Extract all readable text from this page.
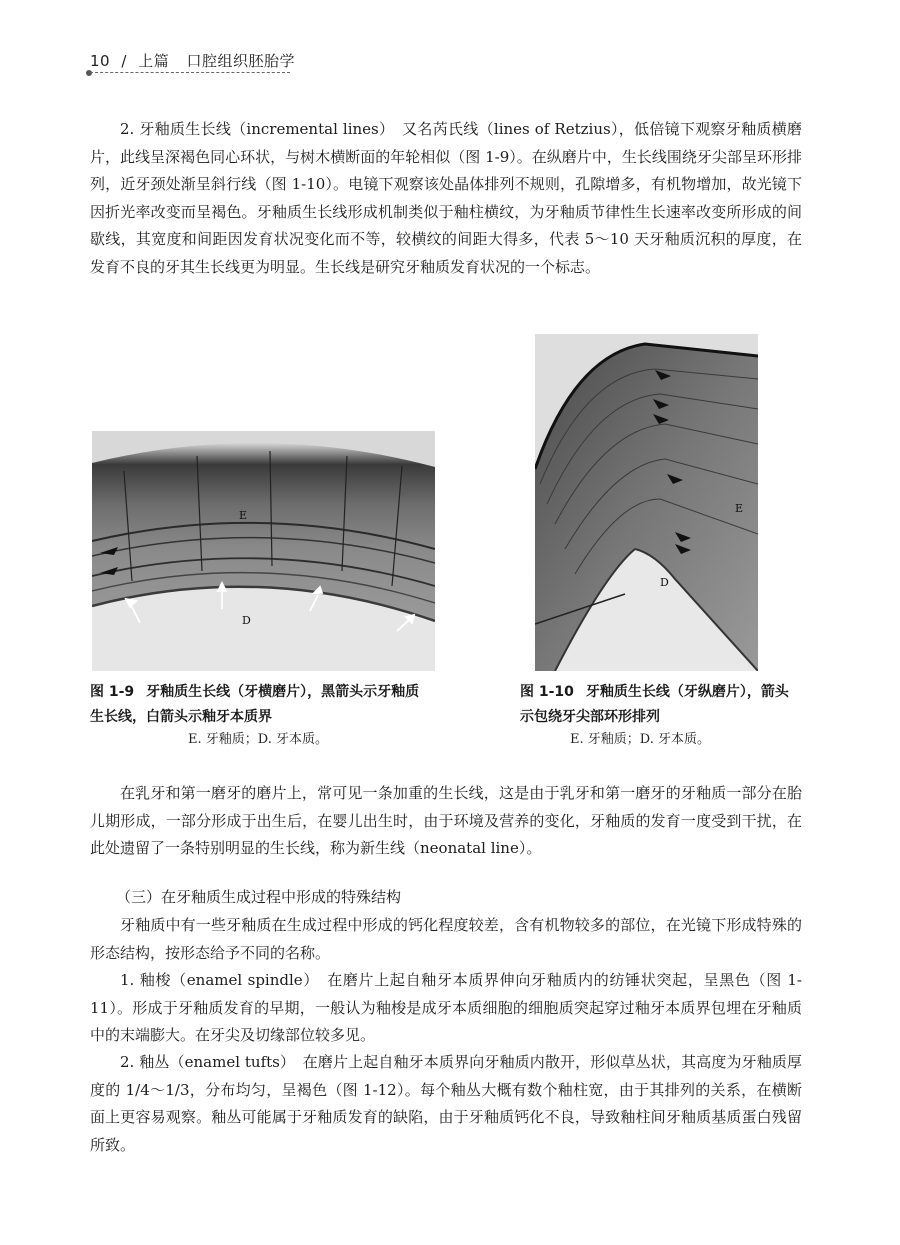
10 / 上篇 口腔组织胚胎学

2. 牙釉质生长线（incremental lines）　又名芮氏线（lines of Retzius），低倍镜下观察牙釉质横磨片，此线呈深褐色同心环状，与树木横断面的年轮相似（图 1-9）。在纵磨片中，生长线围绕牙尖部呈环形排列，近牙颈处渐呈斜行线（图 1-10）。电镜下观察该处晶体排列不规则，孔隙增多，有机物增加，故光镜下因折光率改变而呈褐色。牙釉质生长线形成机制类似于釉柱横纹，为牙釉质节律性生长速率改变所形成的间歇线，其宽度和间距因发育状况变化而不等，较横纹的间距大得多，代表 5～10 天牙釉质沉积的厚度，在发育不良的牙其生长线更为明显。生长线是研究牙釉质发育状况的一个标志。

E
D
E
D
图 1-9 牙釉质生长线（牙横磨片），黑箭头示牙釉质
生长线，白箭头示釉牙本质界
E. 牙釉质；D. 牙本质。
图 1-10 牙釉质生长线（牙纵磨片），箭头
示包绕牙尖部环形排列
E. 牙釉质；D. 牙本质。

在乳牙和第一磨牙的磨片上，常可见一条加重的生长线，这是由于乳牙和第一磨牙的牙釉质一部分在胎儿期形成，一部分形成于出生后，在婴儿出生时，由于环境及营养的变化，牙釉质的发育一度受到干扰，在此处遗留了一条特别明显的生长线，称为新生线（neonatal line）。

（三）在牙釉质生成过程中形成的特殊结构

牙釉质中有一些牙釉质在生成过程中形成的钙化程度较差，含有机物较多的部位，在光镜下形成特殊的形态结构，按形态给予不同的名称。

1. 釉梭（enamel spindle）　在磨片上起自釉牙本质界伸向牙釉质内的纺锤状突起，呈黑色（图 1-11）。形成于牙釉质发育的早期，一般认为釉梭是成牙本质细胞的细胞质突起穿过釉牙本质界包埋在牙釉质中的末端膨大。在牙尖及切缘部位较多见。

2. 釉丛（enamel tufts）　在磨片上起自釉牙本质界向牙釉质内散开，形似草丛状，其高度为牙釉质厚度的 1/4～1/3，分布均匀，呈褐色（图 1-12）。每个釉丛大概有数个釉柱宽，由于其排列的关系，在横断面上更容易观察。釉丛可能属于牙釉质发育的缺陷，由于牙釉质钙化不良，导致釉柱间牙釉质基质蛋白残留所致。
